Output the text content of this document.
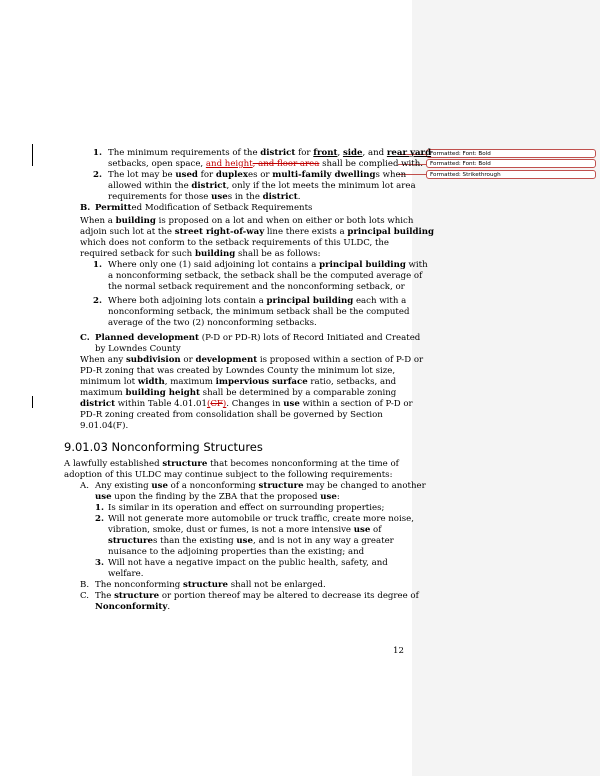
Formatted: Font: Bold
Formatted: Font: Bold
Formatted: Strikethrough
1. The minimum requirements of the district for front, side, and rear yard
setbacks, open space, and height, and floor area shall be complied with.
2. The lot may be used for duplexes or multi-family dwellings when
allowed within the district, only if the lot meets the minimum lot area
requirements for those uses in the district.
B. Permitted Modification of Setback Requirements
When a building is proposed on a lot and when on either or both lots which
adjoin such lot at the street right-of-way line there exists a principal building
which does not conform to the setback requirements of this ULDC, the
required setback for such building shall be as follows:
1. Where only one (1) said adjoining lot contains a principal building with
a nonconforming setback, the setback shall be the computed average of
the normal setback requirement and the nonconforming setback, or
2. Where both adjoining lots contain a principal building each with a
nonconforming setback, the minimum setback shall be the computed
average of the two (2) nonconforming setbacks.
C. Planned development (P-D or PD-R) lots of Record Initiated and Created
by Lowndes County
When any subdivision or development is proposed within a section of P-D or
PD-R zoning that was created by Lowndes County the minimum lot size,
minimum lot width, maximum impervious surface ratio, setbacks, and
maximum building height shall be determined by a comparable zoning
district within Table 4.01.01(CF). Changes in use within a section of P-D or
PD-R zoning created from consolidation shall be governed by Section
9.01.04(F).
9.01.03 Nonconforming Structures
A lawfully established structure that becomes nonconforming at the time of
adoption of this ULDC may continue subject to the following requirements:
A. Any existing use of a nonconforming structure may be changed to another
use upon the finding by the ZBA that the proposed use:
1. Is similar in its operation and effect on surrounding properties;
2. Will not generate more automobile or truck traffic, create more noise,
vibration, smoke, dust or fumes, is not a more intensive use of
structures than the existing use, and is not in any way a greater
nuisance to the adjoining properties than the existing; and
3. Will not have a negative impact on the public health, safety, and
welfare.
B. The nonconforming structure shall not be enlarged.
C. The structure or portion thereof may be altered to decrease its degree of
Nonconformity.
12
